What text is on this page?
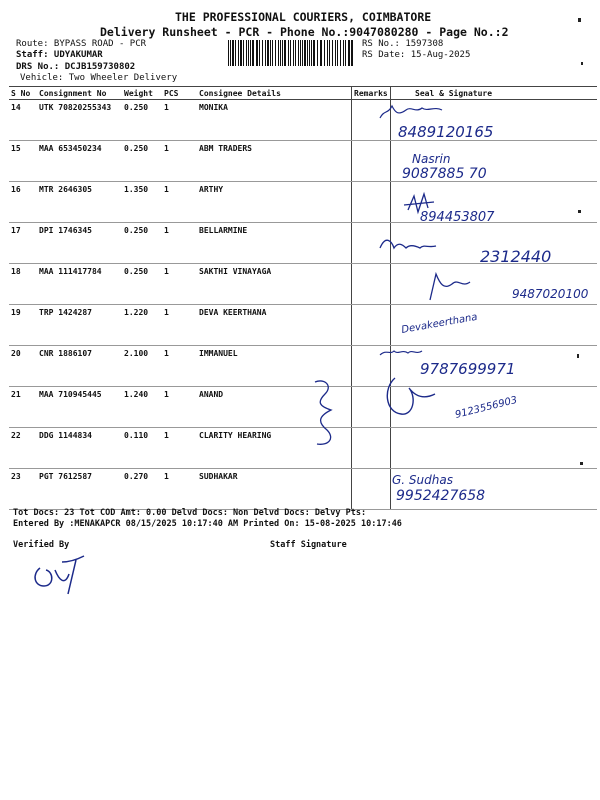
THE PROFESSIONAL COURIERS, COIMBATORE
Delivery Runsheet - PCR - Phone No.:9047080280 - Page No.:2
Route: BYPASS ROAD - PCR
Staff: UDYAKUMAR
DRS No.: DCJB159730802
Vehicle: Two Wheeler Delivery
RS No.: 1597308
RS Date: 15-Aug-2025
S No	Consignment No	Weight	PCS	Consignee Details	Remarks	Seal & Signature
14	UTK 70820255343	0.250	1	MONIKA		
15	MAA 653450234	0.250	1	ABM TRADERS		
16	MTR 2646305	1.350	1	ARTHY		
17	DPI 1746345	0.250	1	BELLARMINE		
18	MAA 111417784	0.250	1	SAKTHI VINAYAGA		
19	TRP 1424287	1.220	1	DEVA KEERTHANA		
20	CNR 1886107	2.100	1	IMMANUEL		
21	MAA 710945445	1.240	1	ANAND		
22	DDG 1144834	0.110	1	CLARITY HEARING		
23	PGT 7612587	0.270	1	SUDHAKAR		
8489120165
Nasrin
9087885 70
894453807
2312440
9487020100
Devakeerthana
9787699971
9123556903
G. Sudhas
9952427658
Tot Docs: 23 Tot COD Amt: 0.00 Delvd Docs: Non Delvd Docs: Delvy Pts:
Entered By :MENAKAPCR 08/15/2025 10:17:40 AM Printed On: 15-08-2025 10:17:46
Verified By	Staff Signature
